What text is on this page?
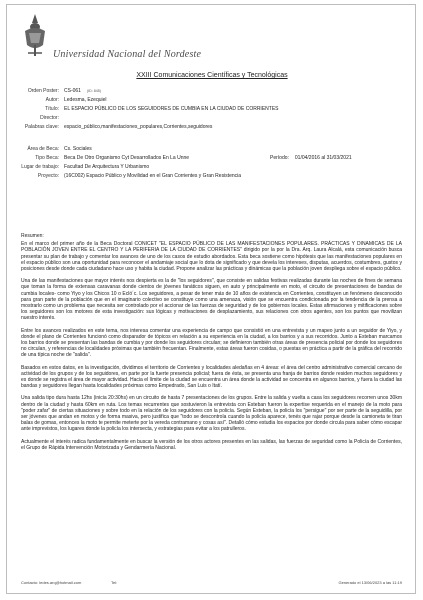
Universidad Nacional del Nordeste
XXIII Comunicaciones Científicas y Tecnológicas
Orden Poster: CS-061 (ID: 845)
Autor: Ledesma, Ezequiel
Título: EL ESPACIO PÚBLICO DE LOS SEGUIDORES DE CUMBIA EN LA CIUDAD DE CORRIENTES
Director:
Palabras clave: espacio_público,manifestaciones_populares,Corrientes,seguidores
Área de Beca: Cs. Sociales
Tipo Beca: Beca De Otro Organismo Cyt Desarrollados En La Unne	Período: 01/04/2016 al 31/03/2021
Lugar de trabajo: Facultad De Arquitectura Y Urbanismo
Proyecto: (16C002) Espacio Público y Movilidad en el Gran Corrientes y Gran Resistencia
Resumen:

En el marco del primer año de la Beca Doctoral CONICET "EL ESPACIO PÚBLICO DE LAS MANIFESTACIONES POPULARES. PRÁCTICAS Y DINAMICAS DE LA POBLACIÓN JOVEN ENTRE EL CENTRO Y LA PERIFERIA DE LA CIUDAD DE CORRIENTES" dirigido por la por la Dra. Arq. Laura Alcalá, esta comunicación busca presentar su plan de trabajo y comentar los avances de uno de los casos de estudio abordados. Esta beca sostiene como hipótesis que las manifestaciones populares en el espacio público son una oportunidad para reconocer el andamiaje social que lo dota de significado y que devela los intereses, disputas, acuerdos, costumbres, gustos y posiciones desde donde cada ciudadano hace uso y habita la ciudad. Propone analizar las prácticas y dinámicas que la población joven despliega sobre el espacio público.

Una de las manifestaciones que mayor interés nos despierta es la de "los seguidores", que consiste en salidas festivas realizadas durante las noches de fines de semana que toman la forma de extensas caravanas donde cientos de jóvenes fanáticos siguen, en auto y principalmente en moto, el circuito de presentaciones de bandas de cumbia locales- como Yiyo y los Chicos 10 o Ecló´c. Los seguidores, a pesar de tener más de 10 años de existencia en Corrientes, constituyen un fenómeno desconocido para gran parte de la población que en el imaginario colectivo se constituye como una amenaza, visión que se encuentra condicionada por la tendencia de la prensa a mostrarlo como un problema que necesita ser controlado por el accionar de las fuerzas de seguridad y de los gobiernos locales. Estas afirmaciones y mitificaciones sobre los seguidores son los motores de esta investigación: sus lógicas y motivaciones de desplazamiento, sus relaciones con otros agentes, son los puntos que movilizan nuestro interés.

Entre los avances realizados en este tema, nos interesa comentar una experiencia de campo que consistió en una entrevista y un mapeo junto a un seguidor de Yiyo, y donde el plano de Corrientes funcionó como disparador de tópicos en relación a su experiencia en la ciudad, a los barrios y a sus recorridos. Junto a Esteban marcamos los barrios donde se presentan las bandas de cumbia y por donde los seguidores circulan; se definieron también otras áreas de presencia policial por donde los seguidores no circulan, y referencias de localidades próximas que también frecuentan. Finalmente, estas áreas fueron cosidas, o puestas en práctica a partir de la gráfica del recorrido de una típica noche de "salida".

Basados en estos datos, en la investigación, dividimos el territorio de Corrientes y localidades aledañas en 4 áreas: el área del centro administrativo comercial cercano de actividad de los grupos y de los seguidores, en parte por la fuerte presencia policial; fuera de ésta, se presenta una franja de barrios donde residen muchos seguidores y es donde se registra el área de mayor actividad. Hacia el límite de la ciudad se encuentra un área donde la actividad se concentra en algunos barrios, y fuera la ciudad las bandas y seguidores llegan hasta localidades próximas como Empedrado, San Luis o Itatí.

Una salida tipo dura hasta 12hs (inicia 20:30hs) en un circuito de hasta 7 presentaciones de los grupos. Entre la salida y vuelta a casa los seguidores recorren unos 30km dentro de la ciudad y hasta 60km en ruta. Los temas recurrentes que sostuvieron la entrevista con Esteban fueron la expertise requerida en el manejo de la moto para "poder zafar" de ciertas situaciones y sobre todo en la relación de los seguidores con la policía. Según Esteban, la policía los "persigue" por ser parte de la seguidilla, por ser jóvenes que andan en motos y de forma masiva, pero justifica que "todo se descontrola cuando la policía aparece, tenés que rajar porque desde la camioneta te tiran balas de gomas, entonces la moto te permite meterte por la vereda contramano y cosas así". Detalló cómo estudia los espacios por donde circula para saber cómo escapar ante imprevistos, los lugares donde la policía los intersecta, y estrategias para evitar a los patrulleros.

Actualmente el interés radica fundamentalmente en buscar la versión de los otros actores presentes en las salidas, las fuerzas de seguridad como la Policía de Corrientes, el Grupo de Rápida Intervención Motorizada y Gendarmería Nacional.

Contacto: ledes.arq@hotmail.com	Tel:	Generado el 13/06/2023 a las 11:19
